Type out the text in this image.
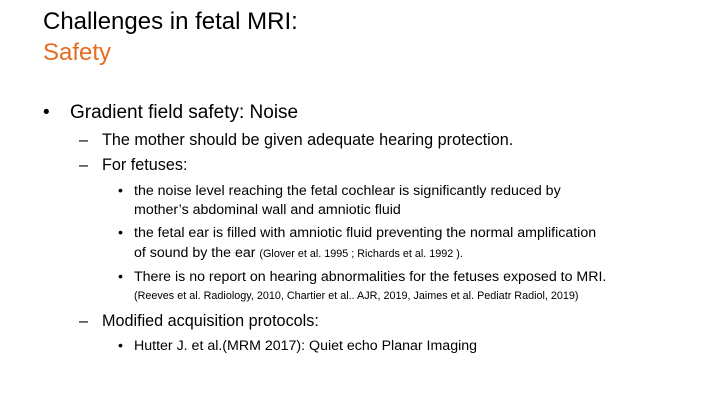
Challenges in fetal MRI:
Safety
• Gradient field safety: Noise
– The mother should be given adequate hearing protection.
– For fetuses:
• the noise level reaching the fetal cochlear is significantly reduced by
mother’s abdominal wall and amniotic fluid
• the fetal ear is filled with amniotic fluid preventing the normal amplification
of sound by the ear (Glover et al. 1995 ; Richards et al. 1992 ).
• There is no report on hearing abnormalities for the fetuses exposed to MRI.
(Reeves et al. Radiology, 2010, Chartier et al.. AJR, 2019, Jaimes et al. Pediatr Radiol, 2019)
– Modified acquisition protocols:
• Hutter J. et al.(MRM 2017): Quiet echo Planar Imaging
